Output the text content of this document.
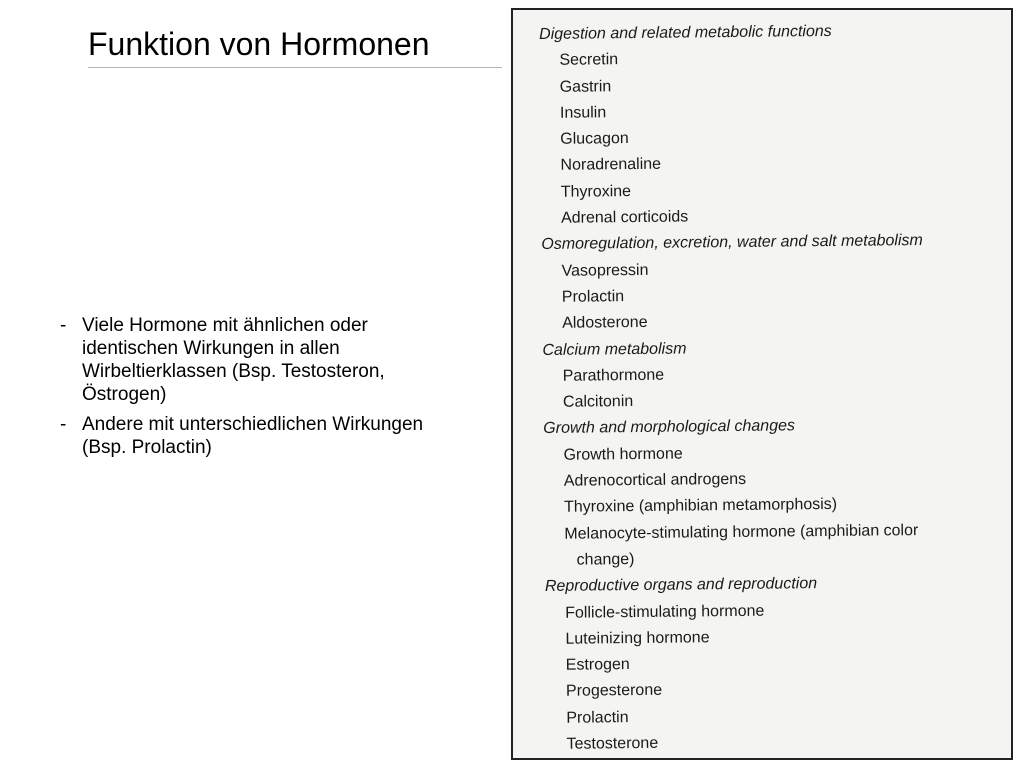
Funktion von Hormonen
- Viele Hormone mit ähnlichen oder identischen Wirkungen in allen Wirbeltierklassen (Bsp. Testosteron, Östrogen)
- Andere mit unterschiedlichen Wirkungen (Bsp. Prolactin)
Digestion and related metabolic functions
Secretin
Gastrin
Insulin
Glucagon
Noradrenaline
Thyroxine
Adrenal corticoids
Osmoregulation, excretion, water and salt metabolism
Vasopressin
Prolactin
Aldosterone
Calcium metabolism
Parathormone
Calcitonin
Growth and morphological changes
Growth hormone
Adrenocortical androgens
Thyroxine (amphibian metamorphosis)
Melanocyte-stimulating hormone (amphibian color
change)
Reproductive organs and reproduction
Follicle-stimulating hormone
Luteinizing hormone
Estrogen
Progesterone
Prolactin
Testosterone
